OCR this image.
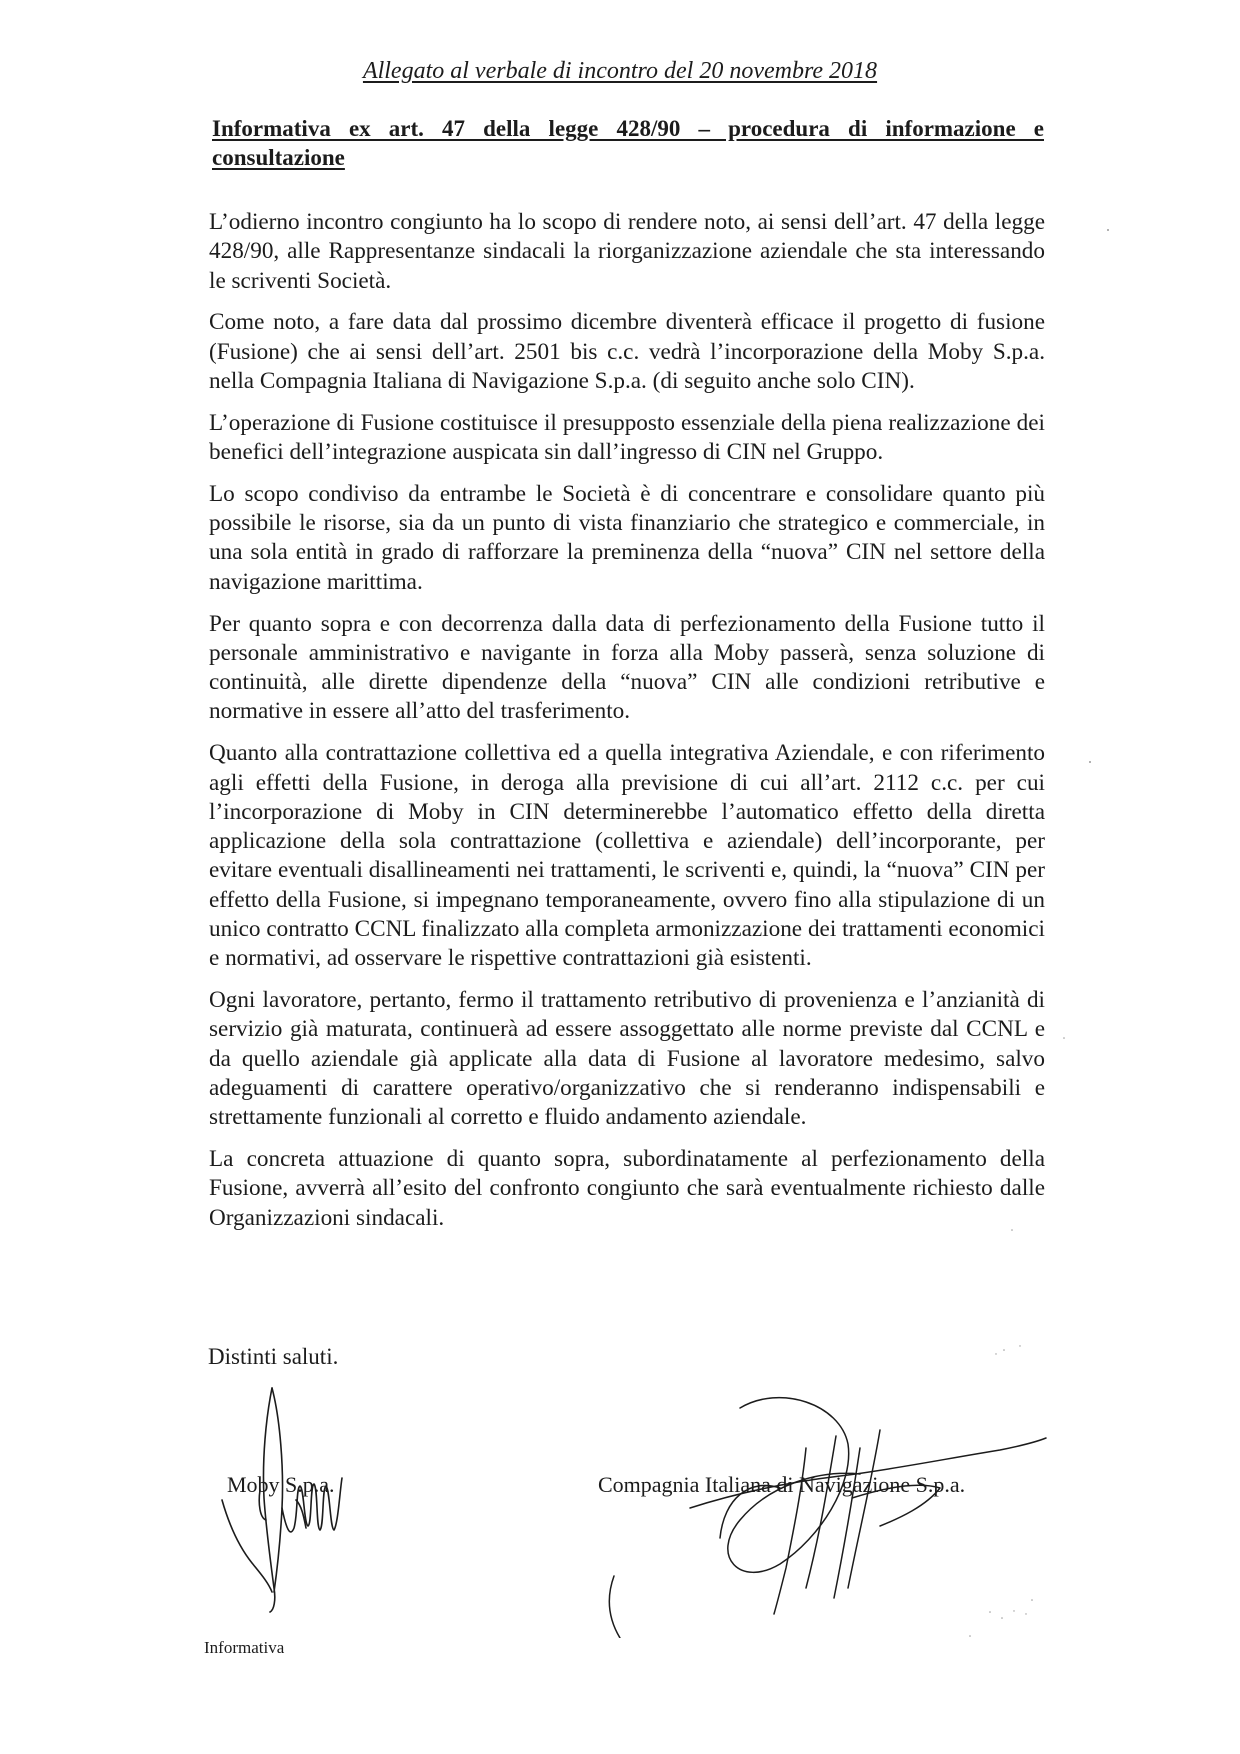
Allegato al verbale di incontro del 20 novembre 2018
Informativa ex art. 47 della legge 428/90 – procedura di informazione e consultazione

L’odierno incontro congiunto ha lo scopo di rendere noto, ai sensi dell’art. 47 della legge 428/90, alle Rappresentanze sindacali la riorganizzazione aziendale che sta interessando le scriventi Società.

Come noto, a fare data dal prossimo dicembre diventerà efficace il progetto di fusione (Fusione) che ai sensi dell’art. 2501 bis c.c. vedrà l’incorporazione della Moby S.p.a. nella Compagnia Italiana di Navigazione S.p.a. (di seguito anche solo CIN).

L’operazione di Fusione costituisce il presupposto essenziale della piena realizzazione dei benefici dell’integrazione auspicata sin dall’ingresso di CIN nel Gruppo.

Lo scopo condiviso da entrambe le Società è di concentrare e consolidare quanto più possibile le risorse, sia da un punto di vista finanziario che strategico e commerciale, in una sola entità in grado di rafforzare la preminenza della “nuova” CIN nel settore della navigazione marittima.

Per quanto sopra e con decorrenza dalla data di perfezionamento della Fusione tutto il personale amministrativo e navigante in forza alla Moby passerà, senza soluzione di continuità, alle dirette dipendenze della “nuova” CIN alle condizioni retributive e normative in essere all’atto del trasferimento.

Quanto alla contrattazione collettiva ed a quella integrativa Aziendale, e con riferimento agli effetti della Fusione, in deroga alla previsione di cui all’art. 2112 c.c. per cui l’incorporazione di Moby in CIN determinerebbe l’automatico effetto della diretta applicazione della sola contrattazione (collettiva e aziendale) dell’incorporante, per evitare eventuali disallineamenti nei trattamenti, le scriventi e, quindi, la “nuova” CIN per effetto della Fusione, si impegnano temporaneamente, ovvero fino alla stipulazione di un unico contratto CCNL finalizzato alla completa armonizzazione dei trattamenti economici e normativi, ad osservare le rispettive contrattazioni già esistenti.

Ogni lavoratore, pertanto, fermo il trattamento retributivo di provenienza e l’anzianità di servizio già maturata, continuerà ad essere assoggettato alle norme previste dal CCNL e da quello aziendale già applicate alla data di Fusione al lavoratore medesimo, salvo adeguamenti di carattere operativo/organizzativo che si renderanno indispensabili e strettamente funzionali al corretto e fluido andamento aziendale.

La concreta attuazione di quanto sopra, subordinatamente al perfezionamento della Fusione, avverrà all’esito del confronto congiunto che sarà eventualmente richiesto dalle Organizzazioni sindacali.

Distinti saluti.
Moby S.p.a.	Compagnia Italiana di Navigazione S.p.a.
Informativa
